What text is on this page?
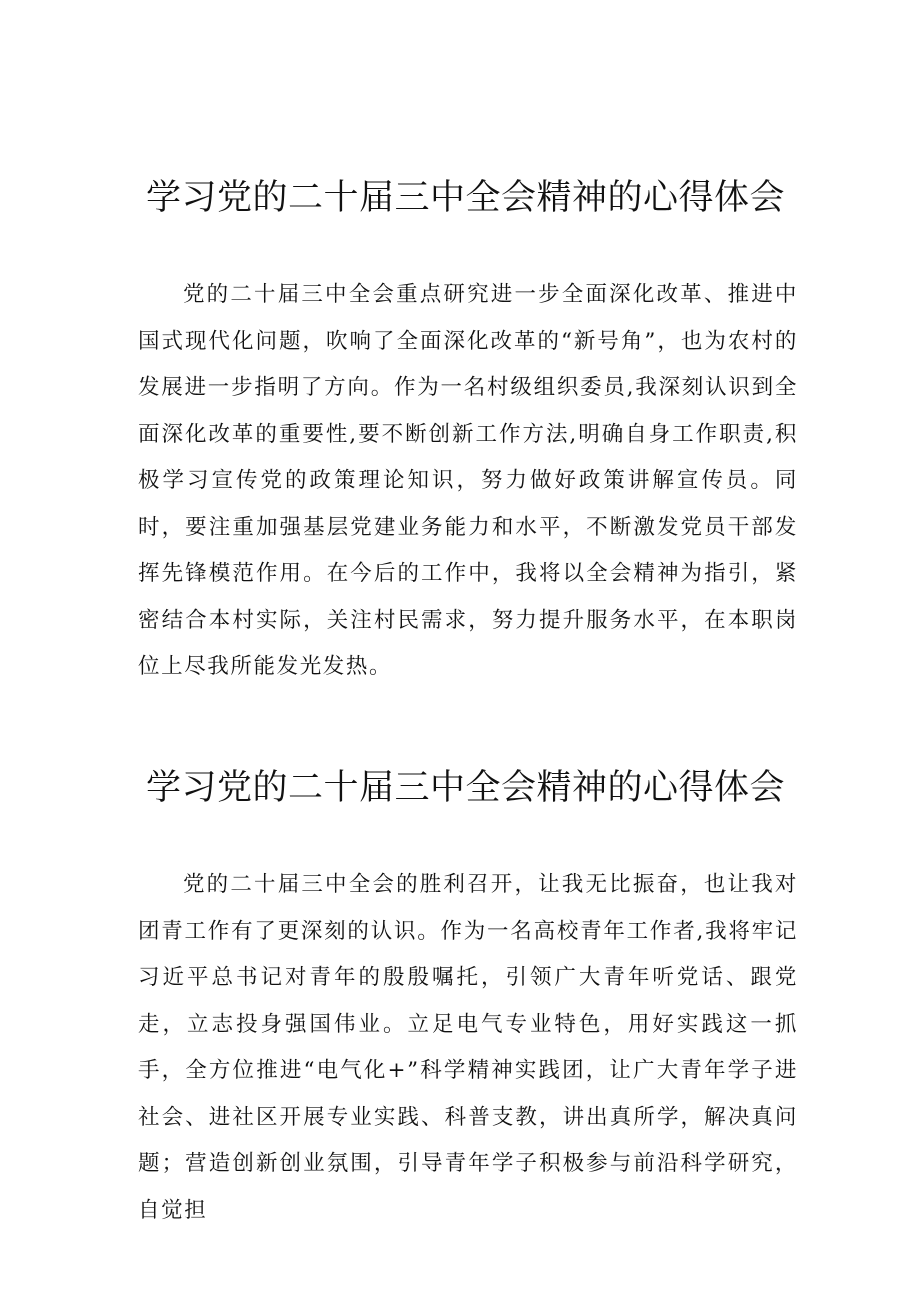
学习党的二十届三中全会精神的心得体会

党的二十届三中全会重点研究进一步全面深化改革、推进中国式现代化问题，吹响了全面深化改革的“新号角”，也为农村的发展进一步指明了方向。作为一名村级组织委员,我深刻认识到全面深化改革的重要性,要不断创新工作方法,明确自身工作职责,积极学习宣传党的政策理论知识，努力做好政策讲解宣传员。同时，要注重加强基层党建业务能力和水平，不断激发党员干部发挥先锋模范作用。在今后的工作中，我将以全会精神为指引，紧密结合本村实际，关注村民需求，努力提升服务水平，在本职岗位上尽我所能发光发热。

学习党的二十届三中全会精神的心得体会

党的二十届三中全会的胜利召开，让我无比振奋，也让我对团青工作有了更深刻的认识。作为一名高校青年工作者,我将牢记习近平总书记对青年的殷殷嘱托，引领广大青年听党话、跟党走，立志投身强国伟业。立足电气专业特色，用好实践这一抓手，全方位推进“电气化+”科学精神实践团，让广大青年学子进社会、进社区开展专业实践、科普支教，讲出真所学，解决真问题；营造创新创业氛围，引导青年学子积极参与前沿科学研究，自觉担
